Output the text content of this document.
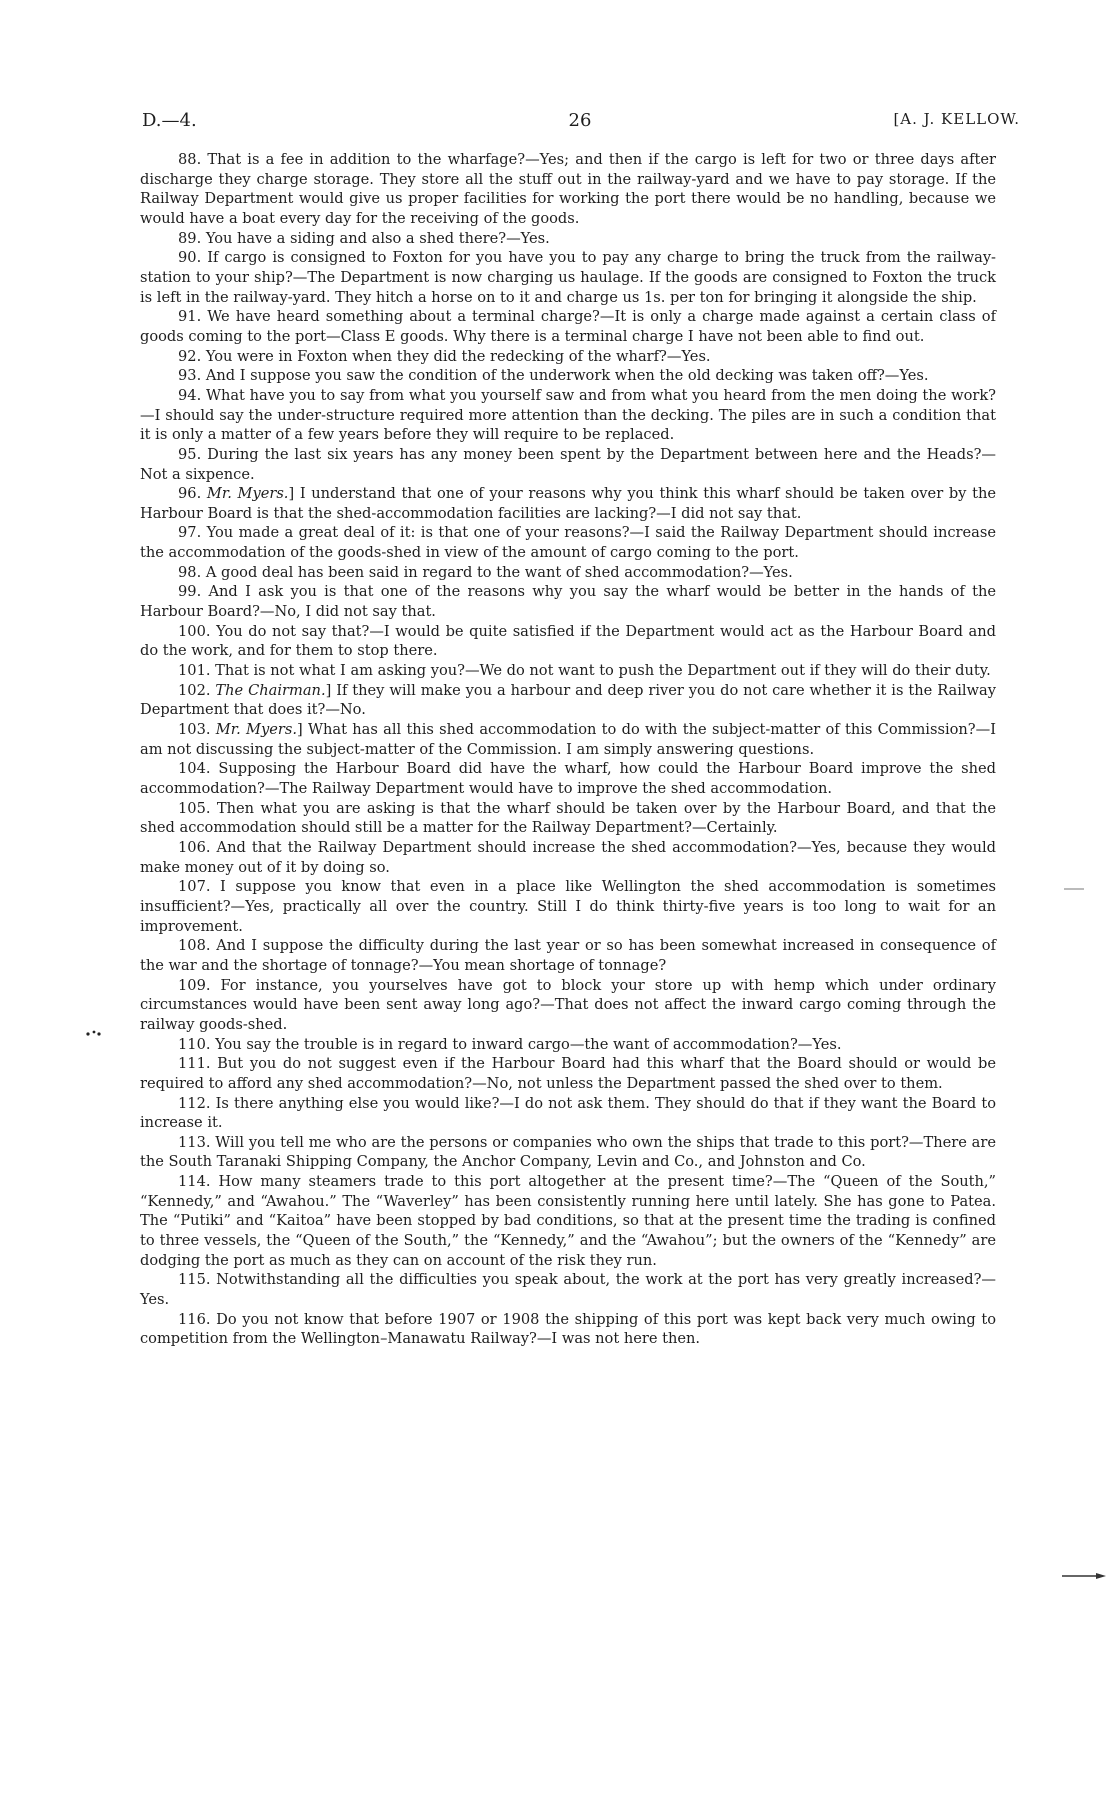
D.—4.	26	[A. J. KELLOW.

88. That is a fee in addition to the wharfage?—Yes; and then if the cargo is left for two or three days after discharge they charge storage. They store all the stuff out in the railway-yard and we have to pay storage. If the Railway Department would give us proper facilities for working the port there would be no handling, because we would have a boat every day for the receiving of the goods.

89. You have a siding and also a shed there?—Yes.

90. If cargo is consigned to Foxton for you have you to pay any charge to bring the truck from the railway-station to your ship?—The Department is now charging us haulage. If the goods are consigned to Foxton the truck is left in the railway-yard. They hitch a horse on to it and charge us 1s. per ton for bringing it alongside the ship.

91. We have heard something about a terminal charge?—It is only a charge made against a certain class of goods coming to the port—Class E goods. Why there is a terminal charge I have not been able to find out.

92. You were in Foxton when they did the redecking of the wharf?—Yes.

93. And I suppose you saw the condition of the underwork when the old decking was taken off?—Yes.

94. What have you to say from what you yourself saw and from what you heard from the men doing the work?—I should say the under-structure required more attention than the decking. The piles are in such a condition that it is only a matter of a few years before they will require to be replaced.

95. During the last six years has any money been spent by the Department between here and the Heads?—Not a sixpence.

96. Mr. Myers.] I understand that one of your reasons why you think this wharf should be taken over by the Harbour Board is that the shed-accommodation facilities are lacking?—I did not say that.

97. You made a great deal of it: is that one of your reasons?—I said the Railway Department should increase the accommodation of the goods-shed in view of the amount of cargo coming to the port.

98. A good deal has been said in regard to the want of shed accommodation?—Yes.

99. And I ask you is that one of the reasons why you say the wharf would be better in the hands of the Harbour Board?—No, I did not say that.

100. You do not say that?—I would be quite satisfied if the Department would act as the Harbour Board and do the work, and for them to stop there.

101. That is not what I am asking you?—We do not want to push the Department out if they will do their duty.

102. The Chairman.] If they will make you a harbour and deep river you do not care whether it is the Railway Department that does it?—No.

103. Mr. Myers.] What has all this shed accommodation to do with the subject-matter of this Commission?—I am not discussing the subject-matter of the Commission. I am simply answering questions.

104. Supposing the Harbour Board did have the wharf, how could the Harbour Board improve the shed accommodation?—The Railway Department would have to improve the shed accommodation.

105. Then what you are asking is that the wharf should be taken over by the Harbour Board, and that the shed accommodation should still be a matter for the Railway Department?—Certainly.

106. And that the Railway Department should increase the shed accommodation?—Yes, because they would make money out of it by doing so.

107. I suppose you know that even in a place like Wellington the shed accommodation is sometimes insufficient?—Yes, practically all over the country. Still I do think thirty-five years is too long to wait for an improvement.

108. And I suppose the difficulty during the last year or so has been somewhat increased in consequence of the war and the shortage of tonnage?—You mean shortage of tonnage?

109. For instance, you yourselves have got to block your store up with hemp which under ordinary circumstances would have been sent away long ago?—That does not affect the inward cargo coming through the railway goods-shed.

110. You say the trouble is in regard to inward cargo—the want of accommodation?—Yes.

111. But you do not suggest even if the Harbour Board had this wharf that the Board should or would be required to afford any shed accommodation?—No, not unless the Department passed the shed over to them.

112. Is there anything else you would like?—I do not ask them. They should do that if they want the Board to increase it.

113. Will you tell me who are the persons or companies who own the ships that trade to this port?—There are the South Taranaki Shipping Company, the Anchor Company, Levin and Co., and Johnston and Co.

114. How many steamers trade to this port altogether at the present time?—The “Queen of the South,” “Kennedy,” and “Awahou.” The “Waverley” has been consistently running here until lately. She has gone to Patea. The “Putiki” and “Kaitoa” have been stopped by bad conditions, so that at the present time the trading is confined to three vessels, the “Queen of the South,” the “Kennedy,” and the “Awahou”; but the owners of the “Kennedy” are dodging the port as much as they can on account of the risk they run.

115. Notwithstanding all the difficulties you speak about, the work at the port has very greatly increased?—Yes.

116. Do you not know that before 1907 or 1908 the shipping of this port was kept back very much owing to competition from the Wellington–Manawatu Railway?—I was not here then.
